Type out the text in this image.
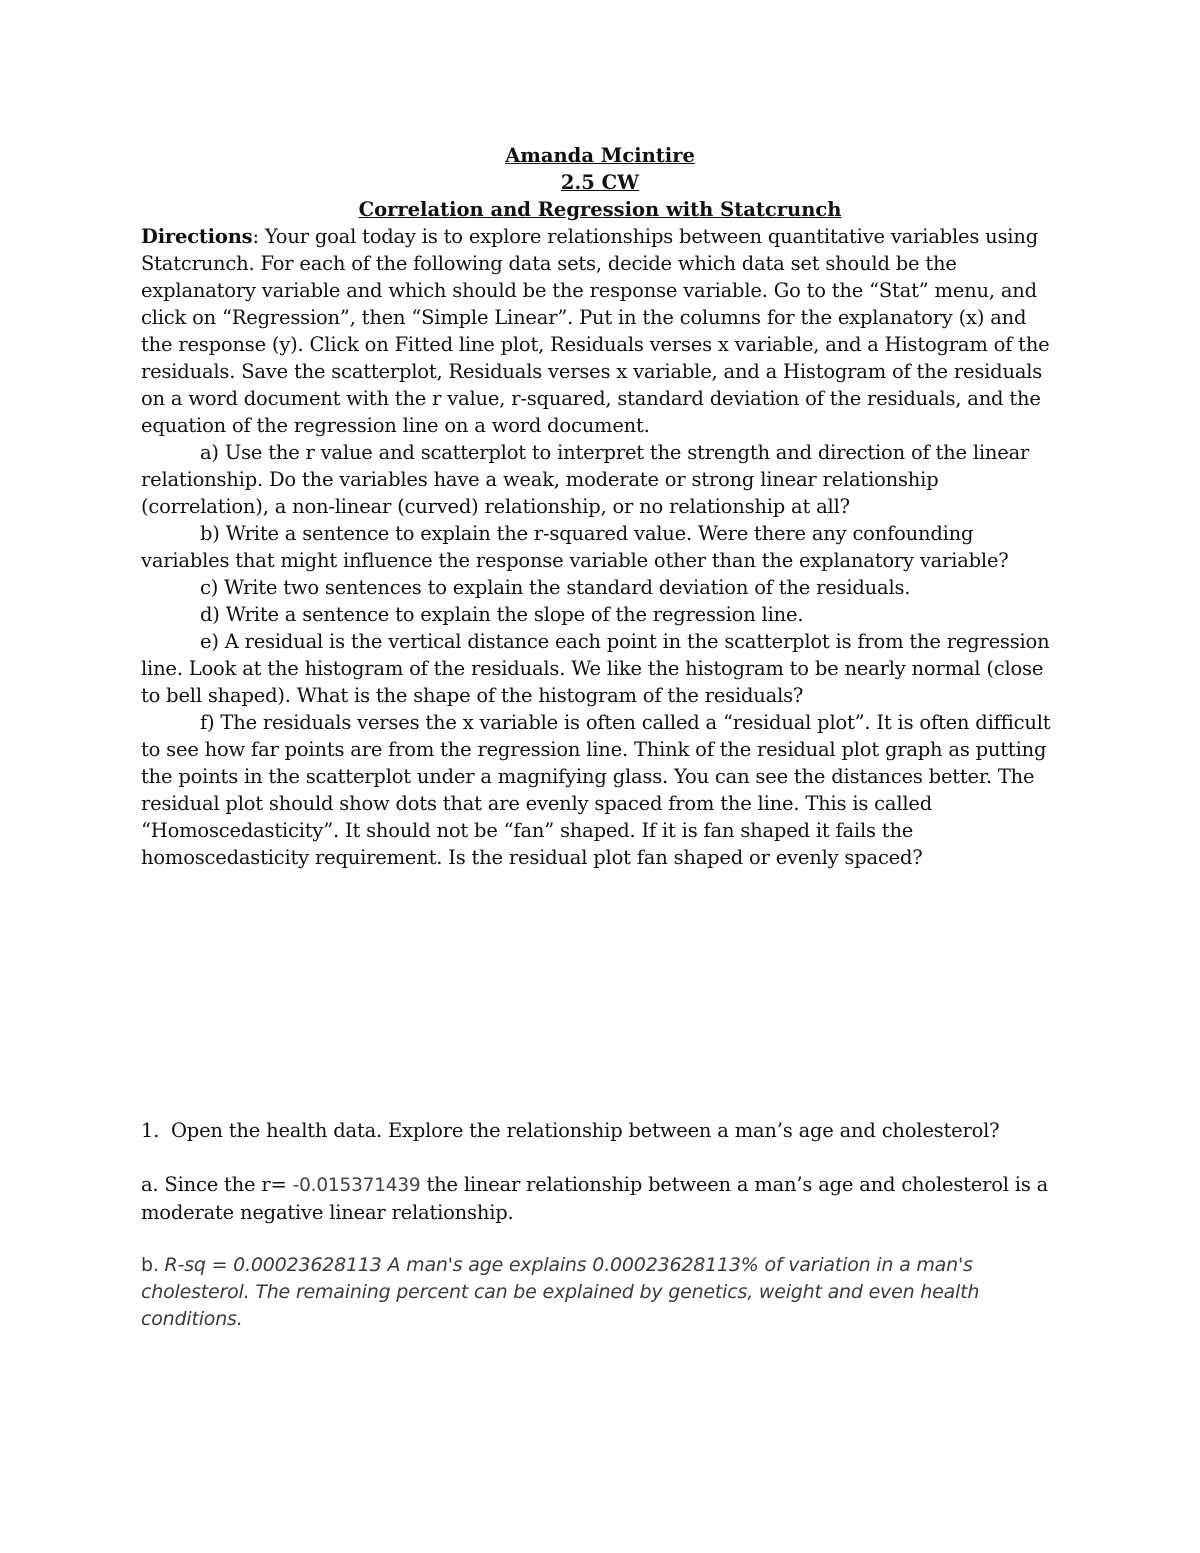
Amanda Mcintire
2.5 CW
Correlation and Regression with Statcrunch

Directions: Your goal today is to explore relationships between quantitative variables using Statcrunch. For each of the following data sets, decide which data set should be the explanatory variable and which should be the response variable. Go to the “Stat” menu, and click on “Regression”, then “Simple Linear”. Put in the columns for the explanatory (x) and the response (y). Click on Fitted line plot, Residuals verses x variable, and a Histogram of the residuals. Save the scatterplot, Residuals verses x variable, and a Histogram of the residuals on a word document with the r value, r-squared, standard deviation of the residuals, and the equation of the regression line on a word document.

a) Use the r value and scatterplot to interpret the strength and direction of the linear relationship. Do the variables have a weak, moderate or strong linear relationship (correlation), a non-linear (curved) relationship, or no relationship at all?

b) Write a sentence to explain the r-squared value. Were there any confounding variables that might influence the response variable other than the explanatory variable?

c) Write two sentences to explain the standard deviation of the residuals.

d) Write a sentence to explain the slope of the regression line.

e) A residual is the vertical distance each point in the scatterplot is from the regression line. Look at the histogram of the residuals. We like the histogram to be nearly normal (close to bell shaped). What is the shape of the histogram of the residuals?

f) The residuals verses the x variable is often called a “residual plot”. It is often difficult to see how far points are from the regression line. Think of the residual plot graph as putting the points in the scatterplot under a magnifying glass. You can see the distances better. The residual plot should show dots that are evenly spaced from the line. This is called “Homoscedasticity”. It should not be “fan” shaped. If it is fan shaped it fails the homoscedasticity requirement. Is the residual plot fan shaped or evenly spaced?

1. Open the health data. Explore the relationship between a man’s age and cholesterol?

a. Since the r= -0.015371439 the linear relationship between a man’s age and cholesterol is a moderate negative linear relationship.

b. R-sq = 0.00023628113 A man's age explains 0.00023628113% of variation in a man's cholesterol. The remaining percent can be explained by genetics, weight and even health conditions.
